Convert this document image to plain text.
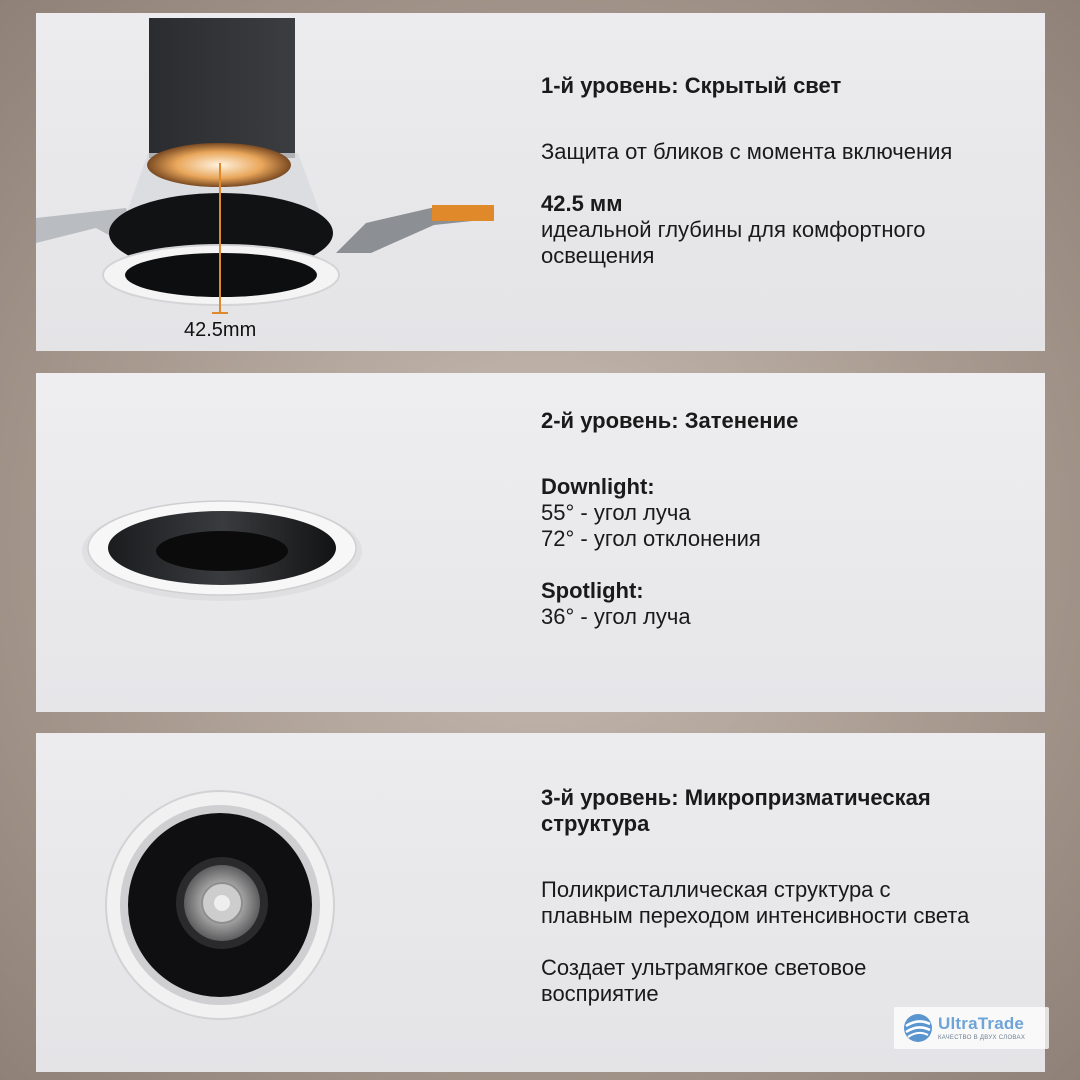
42.5mm

1-й уровень: Скрытый свет

Защита от бликов с момента включения

42.5 мм

идеальной глубины для комфортного

освещения

2-й уровень: Затенение

Downlight:

55° - угол луча

72° - угол отклонения

Spotlight:

36° - угол луча

3-й уровень: Микропризматическая

структура

Поликристаллическая структура с

плавным переходом интенсивности света

Создает ультрамягкое световое

восприятие

UltraTrade
КАЧЕСТВО В ДВУХ СЛОВАХ
